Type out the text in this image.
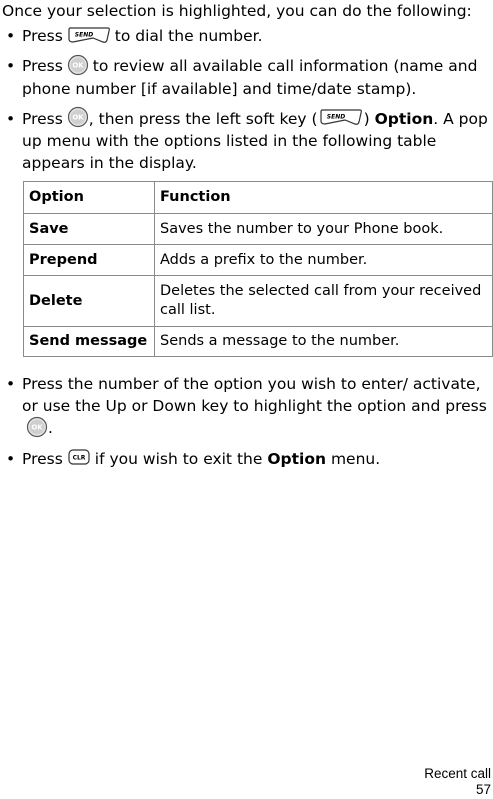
Once your selection is highlighted, you can do the following:
• Press SEND to dial the number.

• Press OK to review all available call information (name and phone number [if available] and time/date stamp).

• Press OK , then press the left soft key ( SEND ) Option. A pop up menu with the options listed in the following table appears in the display.

Option	Function
Save	Saves the number to your Phone book.
Prepend	Adds a prefix to the number.
Delete	Deletes the selected call from your received call list.
Send message	Sends a message to the number.
• Press the number of the option you wish to enter/ activate, or use the Up or Down key to highlight the option and press
OK .

• Press CLR if you wish to exit the Option menu.

Recent call
57
